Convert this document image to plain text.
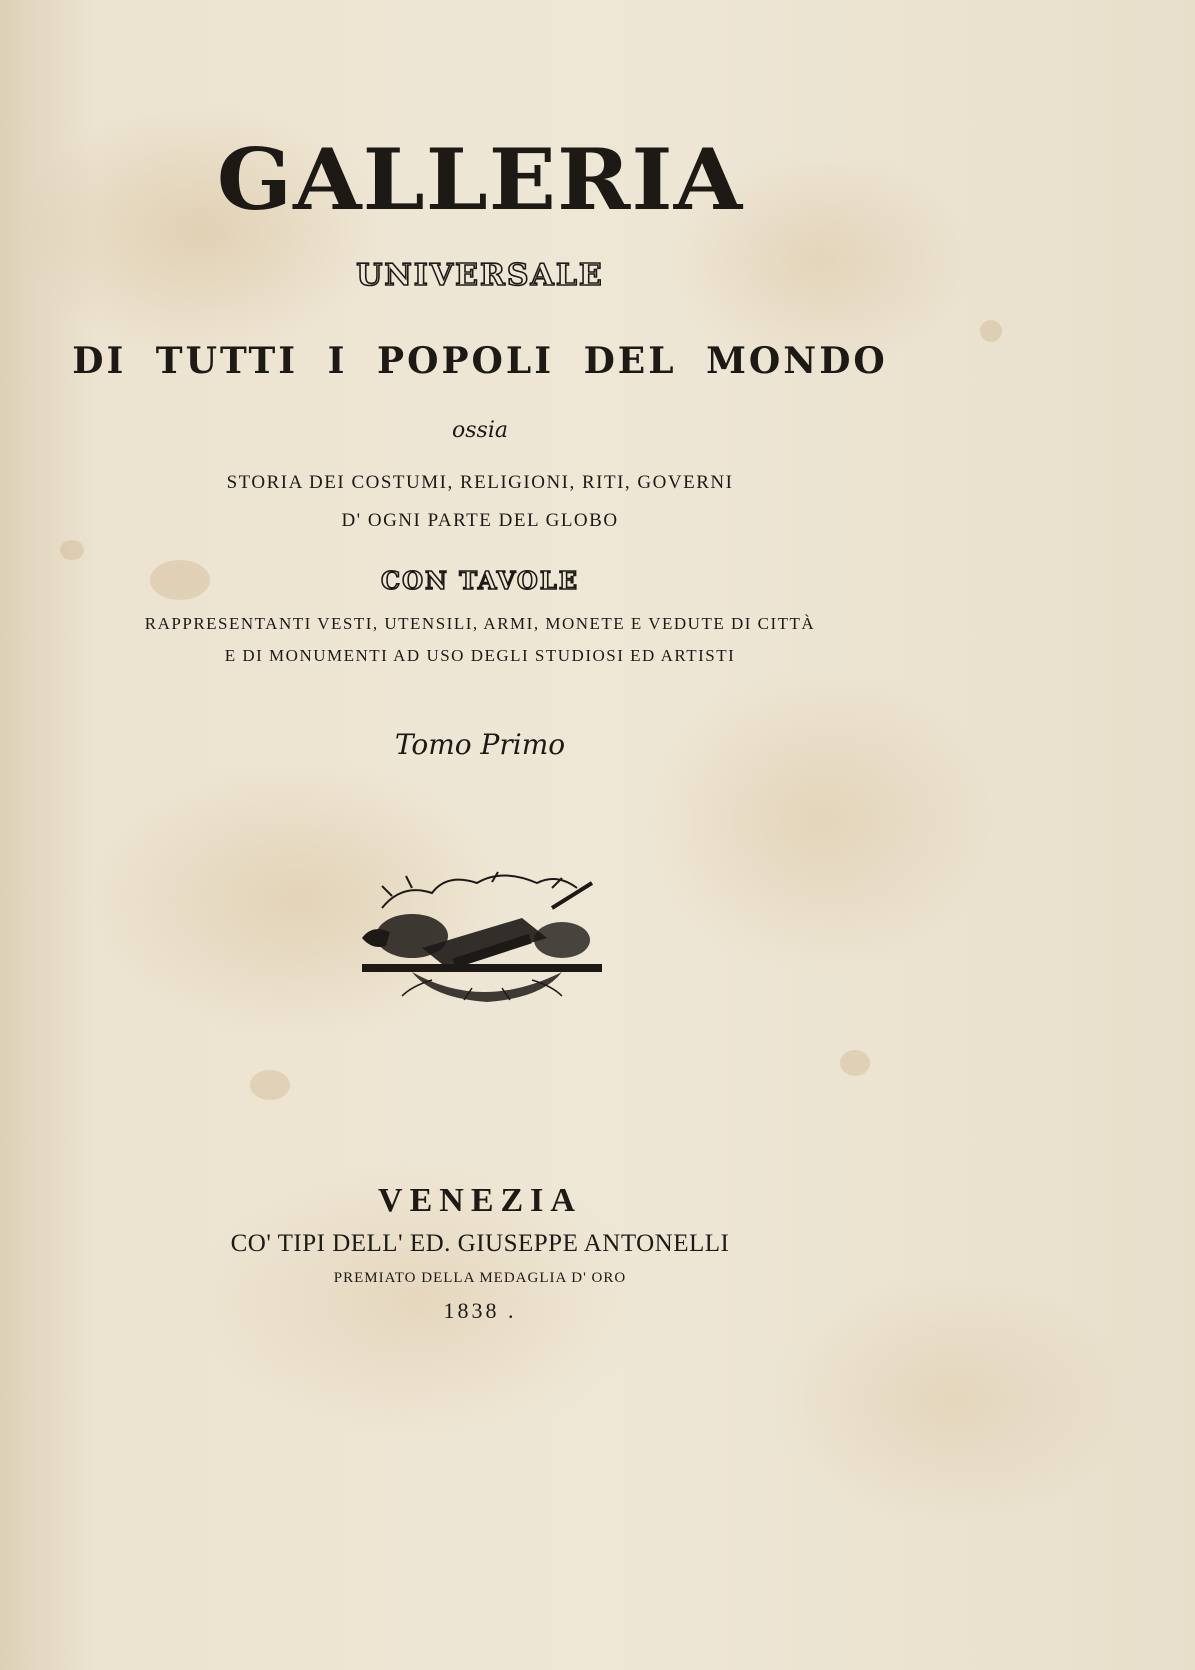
GALLERIA
UNIVERSALE
DI TUTTI I POPOLI DEL MONDO
ossia
STORIA DEI COSTUMI, RELIGIONI, RITI, GOVERNI
D' OGNI PARTE DEL GLOBO
CON TAVOLE
RAPPRESENTANTI VESTI, UTENSILI, ARMI, MONETE E VEDUTE DI CITTÀ
E DI MONUMENTI AD USO DEGLI STUDIOSI ED ARTISTI
Tomo Primo
VENEZIA
CO' TIPI DELL' ED. GIUSEPPE ANTONELLI
PREMIATO DELLA MEDAGLIA D' ORO
1838 .
